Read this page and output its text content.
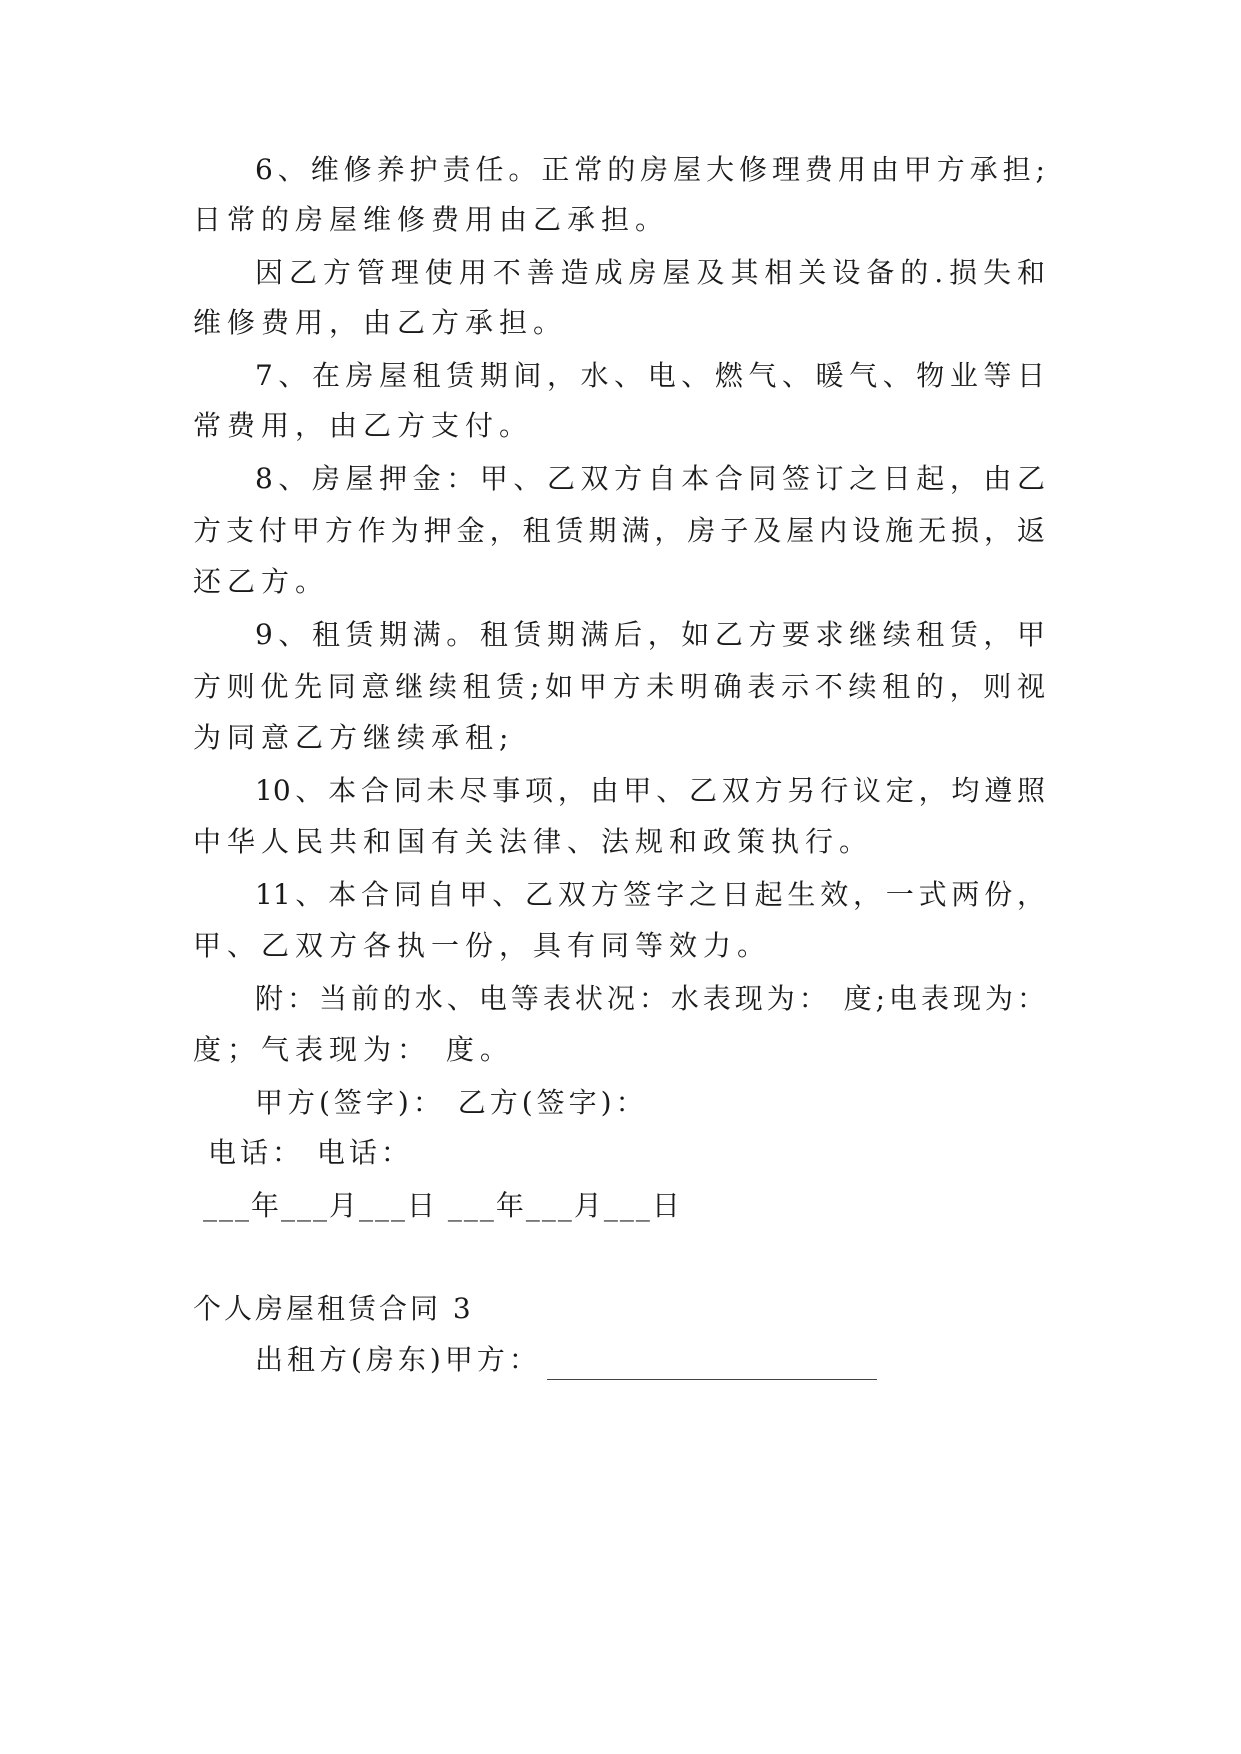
6、维修养护责任。正常的房屋大修理费用由甲方承担;

日常的房屋维修费用由乙承担。

因乙方管理使用不善造成房屋及其相关设备的.损失和

维修费用，由乙方承担。

7、在房屋租赁期间，水、电、燃气、暖气、物业等日

常费用，由乙方支付。

8、房屋押金：甲、乙双方自本合同签订之日起，由乙

方支付甲方作为押金，租赁期满，房子及屋内设施无损，返

还乙方。

9、租赁期满。租赁期满后，如乙方要求继续租赁，甲

方则优先同意继续租赁;如甲方未明确表示不续租的，则视

为同意乙方继续承租;

10、本合同未尽事项，由甲、乙双方另行议定，均遵照

中华人民共和国有关法律、法规和政策执行。

11、本合同自甲、乙双方签字之日起生效，一式两份，

甲、乙双方各执一份，具有同等效力。

附：当前的水、电等表状况：水表现为： 度;电表现为：

度；气表现为： 度。

甲方(签字)： 乙方(签字)：

电话： 电话：

___年___月___日 ___年___月___日

个人房屋租赁合同 3

出租方(房东)甲方：
